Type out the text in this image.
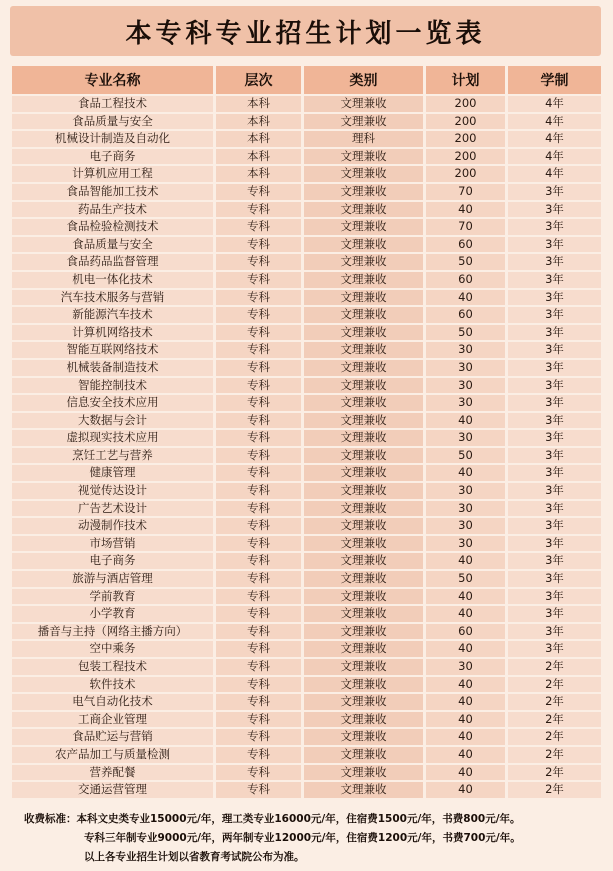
本专科专业招生计划一览表
专业名称	层次	类别	计划	学制
食品工程技术	本科	文理兼收	200	4年
食品质量与安全	本科	文理兼收	200	4年
机械设计制造及自动化	本科	理科	200	4年
电子商务	本科	文理兼收	200	4年
计算机应用工程	本科	文理兼收	200	4年
食品智能加工技术	专科	文理兼收	70	3年
药品生产技术	专科	文理兼收	40	3年
食品检验检测技术	专科	文理兼收	70	3年
食品质量与安全	专科	文理兼收	60	3年
食品药品监督管理	专科	文理兼收	50	3年
机电一体化技术	专科	文理兼收	60	3年
汽车技术服务与营销	专科	文理兼收	40	3年
新能源汽车技术	专科	文理兼收	60	3年
计算机网络技术	专科	文理兼收	50	3年
智能互联网络技术	专科	文理兼收	30	3年
机械装备制造技术	专科	文理兼收	30	3年
智能控制技术	专科	文理兼收	30	3年
信息安全技术应用	专科	文理兼收	30	3年
大数据与会计	专科	文理兼收	40	3年
虚拟现实技术应用	专科	文理兼收	30	3年
烹饪工艺与营养	专科	文理兼收	50	3年
健康管理	专科	文理兼收	40	3年
视觉传达设计	专科	文理兼收	30	3年
广告艺术设计	专科	文理兼收	30	3年
动漫制作技术	专科	文理兼收	30	3年
市场营销	专科	文理兼收	30	3年
电子商务	专科	文理兼收	40	3年
旅游与酒店管理	专科	文理兼收	50	3年
学前教育	专科	文理兼收	40	3年
小学教育	专科	文理兼收	40	3年
播音与主持（网络主播方向）	专科	文理兼收	60	3年
空中乘务	专科	文理兼收	40	3年
包装工程技术	专科	文理兼收	30	2年
软件技术	专科	文理兼收	40	2年
电气自动化技术	专科	文理兼收	40	2年
工商企业管理	专科	文理兼收	40	2年
食品贮运与营销	专科	文理兼收	40	2年
农产品加工与质量检测	专科	文理兼收	40	2年
营养配餐	专科	文理兼收	40	2年
交通运营管理	专科	文理兼收	40	2年
收费标准：本科文史类专业15000元/年，理工类专业16000元/年，住宿费1500元/年，书费800元/年。
专科三年制专业9000元/年，两年制专业12000元/年，住宿费1200元/年，书费700元/年。
以上各专业招生计划以省教育考试院公布为准。
